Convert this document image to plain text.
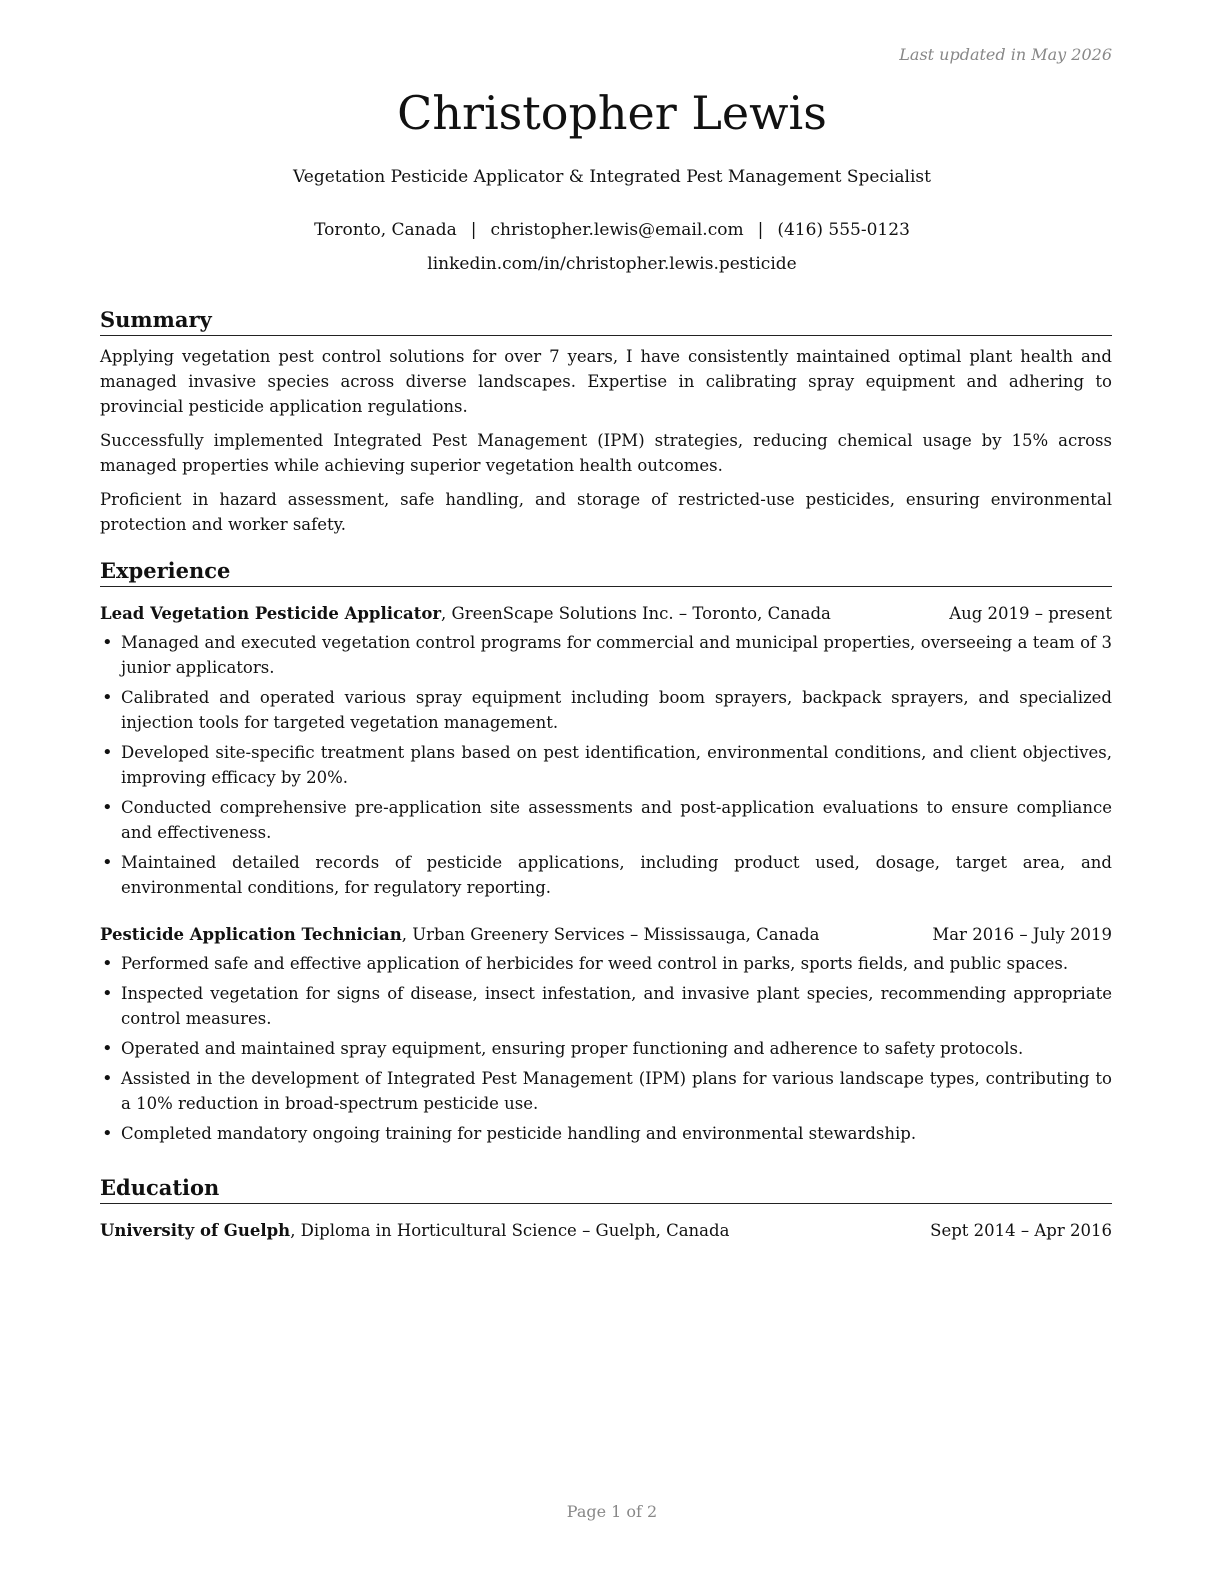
Last updated in May 2026
Christopher Lewis
Vegetation Pesticide Applicator & Integrated Pest Management Specialist
Toronto, Canada | christopher.lewis@email.com | (416) 555-0123
linkedin.com/in/christopher.lewis.pesticide
Summary

Applying vegetation pest control solutions for over 7 years, I have consistently maintained optimal plant health and managed invasive species across diverse landscapes. Expertise in calibrating spray equipment and adhering to provincial pesticide application regulations.

Successfully implemented Integrated Pest Management (IPM) strategies, reducing chemical usage by 15% across managed properties while achieving superior vegetation health outcomes.

Proficient in hazard assessment, safe handling, and storage of restricted-use pesticides, ensuring environmental protection and worker safety.

Experience
Lead Vegetation Pesticide Applicator, GreenScape Solutions Inc. – Toronto, Canada	Aug 2019 – present
• Managed and executed vegetation control programs for commercial and municipal properties, overseeing a team of 3 junior applicators.
• Calibrated and operated various spray equipment including boom sprayers, backpack sprayers, and specialized injection tools for targeted vegetation management.
• Developed site-specific treatment plans based on pest identification, environmental conditions, and client objectives, improving efficacy by 20%.
• Conducted comprehensive pre-application site assessments and post-application evaluations to ensure compliance and effectiveness.
• Maintained detailed records of pesticide applications, including product used, dosage, target area, and environmental conditions, for regulatory reporting.
Pesticide Application Technician, Urban Greenery Services – Mississauga, Canada	Mar 2016 – July 2019
• Performed safe and effective application of herbicides for weed control in parks, sports fields, and public spaces.
• Inspected vegetation for signs of disease, insect infestation, and invasive plant species, recommending appropriate control measures.
• Operated and maintained spray equipment, ensuring proper functioning and adherence to safety protocols.
• Assisted in the development of Integrated Pest Management (IPM) plans for various landscape types, contributing to a 10% reduction in broad-spectrum pesticide use.
• Completed mandatory ongoing training for pesticide handling and environmental stewardship.
Education
University of Guelph, Diploma in Horticultural Science – Guelph, Canada	Sept 2014 – Apr 2016
Page 1 of 2
